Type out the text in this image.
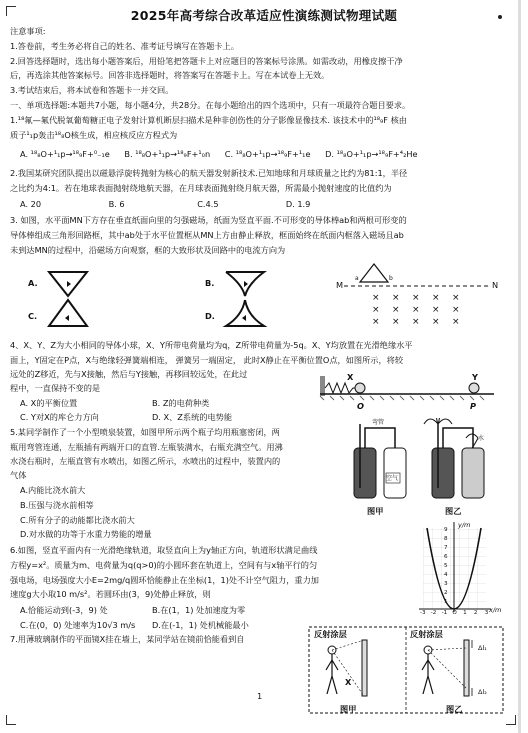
2025年高考综合改革适应性演练测试物理试题
注意事项:
1.答卷前，考生务必将自己的姓名、准考证号填写在答题卡上。
2.回答选择题时，选出每小题答案后，用铅笔把答题卡上对应题目的答案标号涂黑。如需改动，用橡皮擦干净
后，再选涂其他答案标号。回答非选择题时，将答案写在答题卡上。写在本试卷上无效。
3.考试结束后，将本试卷和答题卡一并交回。
一、单项选择题:本题共7小题，每小题4分，共28分。在每小题给出的四个选项中，只有一项最符合题目要求。
1.¹⁸氟—氟代脱氧葡萄糖正电子发射计算机断层扫描术是种非创伤性的分子影像显像技术. 该技术中的¹⁸₉F 核由
质子¹₁p轰击¹⁸₈O核生成，相应核反应方程式为
A. ¹⁸₈O+¹₁p→¹⁸₉F+⁰₋₁e B. ¹⁸₈O+¹₁p→¹⁸₉F+¹₀n C. ¹⁸₈O+¹₁p→¹⁸₉F+¹₁e D. ¹⁸₈O+¹₁p→¹⁸₉F+⁴₂He
2.我国某研究团队提出以磁悬浮旋转抛射为核心的航天器发射新技术.已知地球和月球质量之比约为81:1，半径
之比约为4:1。若在地球表面抛射绕地航天器，在月球表面抛射绕月航天器，所需最小抛射速度的比值约为
A. 20	B. 6	C.4.5	D. 1.9
3. 如图，水平面MN下方存在垂直纸面向里的匀强磁场，纸面为竖直平面.不可形变的导体棒ab和两根可形变的
导体棒组成三角形回路框，其中ab处于水平位置框从MN上方由静止释放，框面始终在纸面内框落入磁场且ab
未到达MN的过程中，沿磁场方向观察，框的大致形状及回路中的电流方向为
A.	B.
C.	D.
× × × × ×
× × × × ×
× × × × ×
M	N
a	b
4、X、Y、Z为大小相同的导体小球，X、Y所带电荷量均为q，Z所带电荷量为-5q。X、Y均放置在光滑绝缘水平
面上，Y固定在P点，X与绝缘轻弹簧端相连， 弹簧另一端固定， 此时X静止在平衡位置O点，如图所示，将较
远处的Z移近，先与X接触，然后与Y接触，再移回较远处，在此过
程中，一直保持不变的是
A. X的平衡位置	B. Z的电荷种类
C. Y对X的库仑力方向	D. X、Z系统的电势能
X	Y
O	P
5.某同学制作了一个小型喷泉装置，如图甲所示两个瓶子均用瓶塞密闭，两
瓶用弯管连通，左瓶插有两端开口的直管.左瓶装满水，右瓶充满空气。用沸
水浇右瓶时，左瓶直管有水喷出，如图乙所示，水喷出的过程中，装置内的
气体
A.内能比浇水前大
B.压强与浇水前相等
C.所有分子的动能都比浇水前大
D.对水做的功等于水重力势能的增量
弯管
空气
水
图甲	图乙
6.如图，竖直平面内有一光滑绝缘轨道，取竖直向上为y轴正方向，轨道形状满足曲线
方程y=x²。质量为m、电荷量为q(q>0)的小圆环套在轨道上，空间有与x轴平行的匀
强电场，电场强度大小E=2mg/q圆环恰能静止在坐标(1，1)处不计空气阻力，重力加
速度g大小取10 m/s²。若圆环由(3，9)处静止释放，则
A.恰能运动到(-3，9) 处	B.在(1，1) 处加速度为零
C.在(0，0) 处速率为10√3 m/s D.在(-1，1) 处机械能最小
y/m
9
8
7
6
5
4
3
2
1
-3 -2 -1 O 1 2 3 x/m
7.用薄玻璃制作的平面镜X挂在墙上，某同学站在镜前恰能看到自	反射涂层	反射涂层
X
Δl₁
Δl₂
图甲	图乙
1
